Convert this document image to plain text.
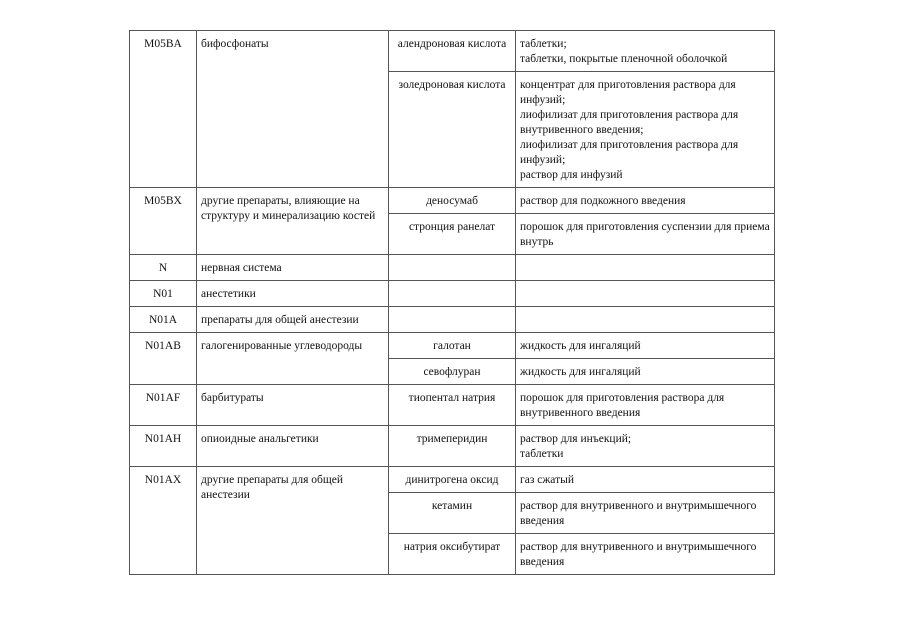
M05BA	бифосфонаты	алендроновая кислота	таблетки;
таблетки, покрытые пленочной оболочкой

		золедроновая кислота	концентрат для приготовления раствора для инфузий;
лиофилизат для приготовления раствора для внутривенного введения;
лиофилизат для приготовления раствора для инфузий;
раствор для инфузий

M05BX	другие препараты, влияющие на структуру и минерализацию костей	деносумаб	раствор для подкожного введения

		стронция ранелат	порошок для приготовления суспензии для приема внутрь

N	нервная система		
N01	анестетики		
N01A	препараты для общей анестезии		
N01AB	галогенированные углеводороды	галотан	жидкость для ингаляций

		севофлуран	жидкость для ингаляций

N01AF	барбитураты	тиопентал натрия	порошок для приготовления раствора для внутривенного введения

N01AH	опиоидные анальгетики	тримеперидин	раствор для инъекций;
таблетки

N01AX	другие препараты для общей анестезии	динитрогена оксид	газ сжатый

		кетамин	раствор для внутривенного и внутримышечного введения

		натрия оксибутират	раствор для внутривенного и внутримышечного введения
